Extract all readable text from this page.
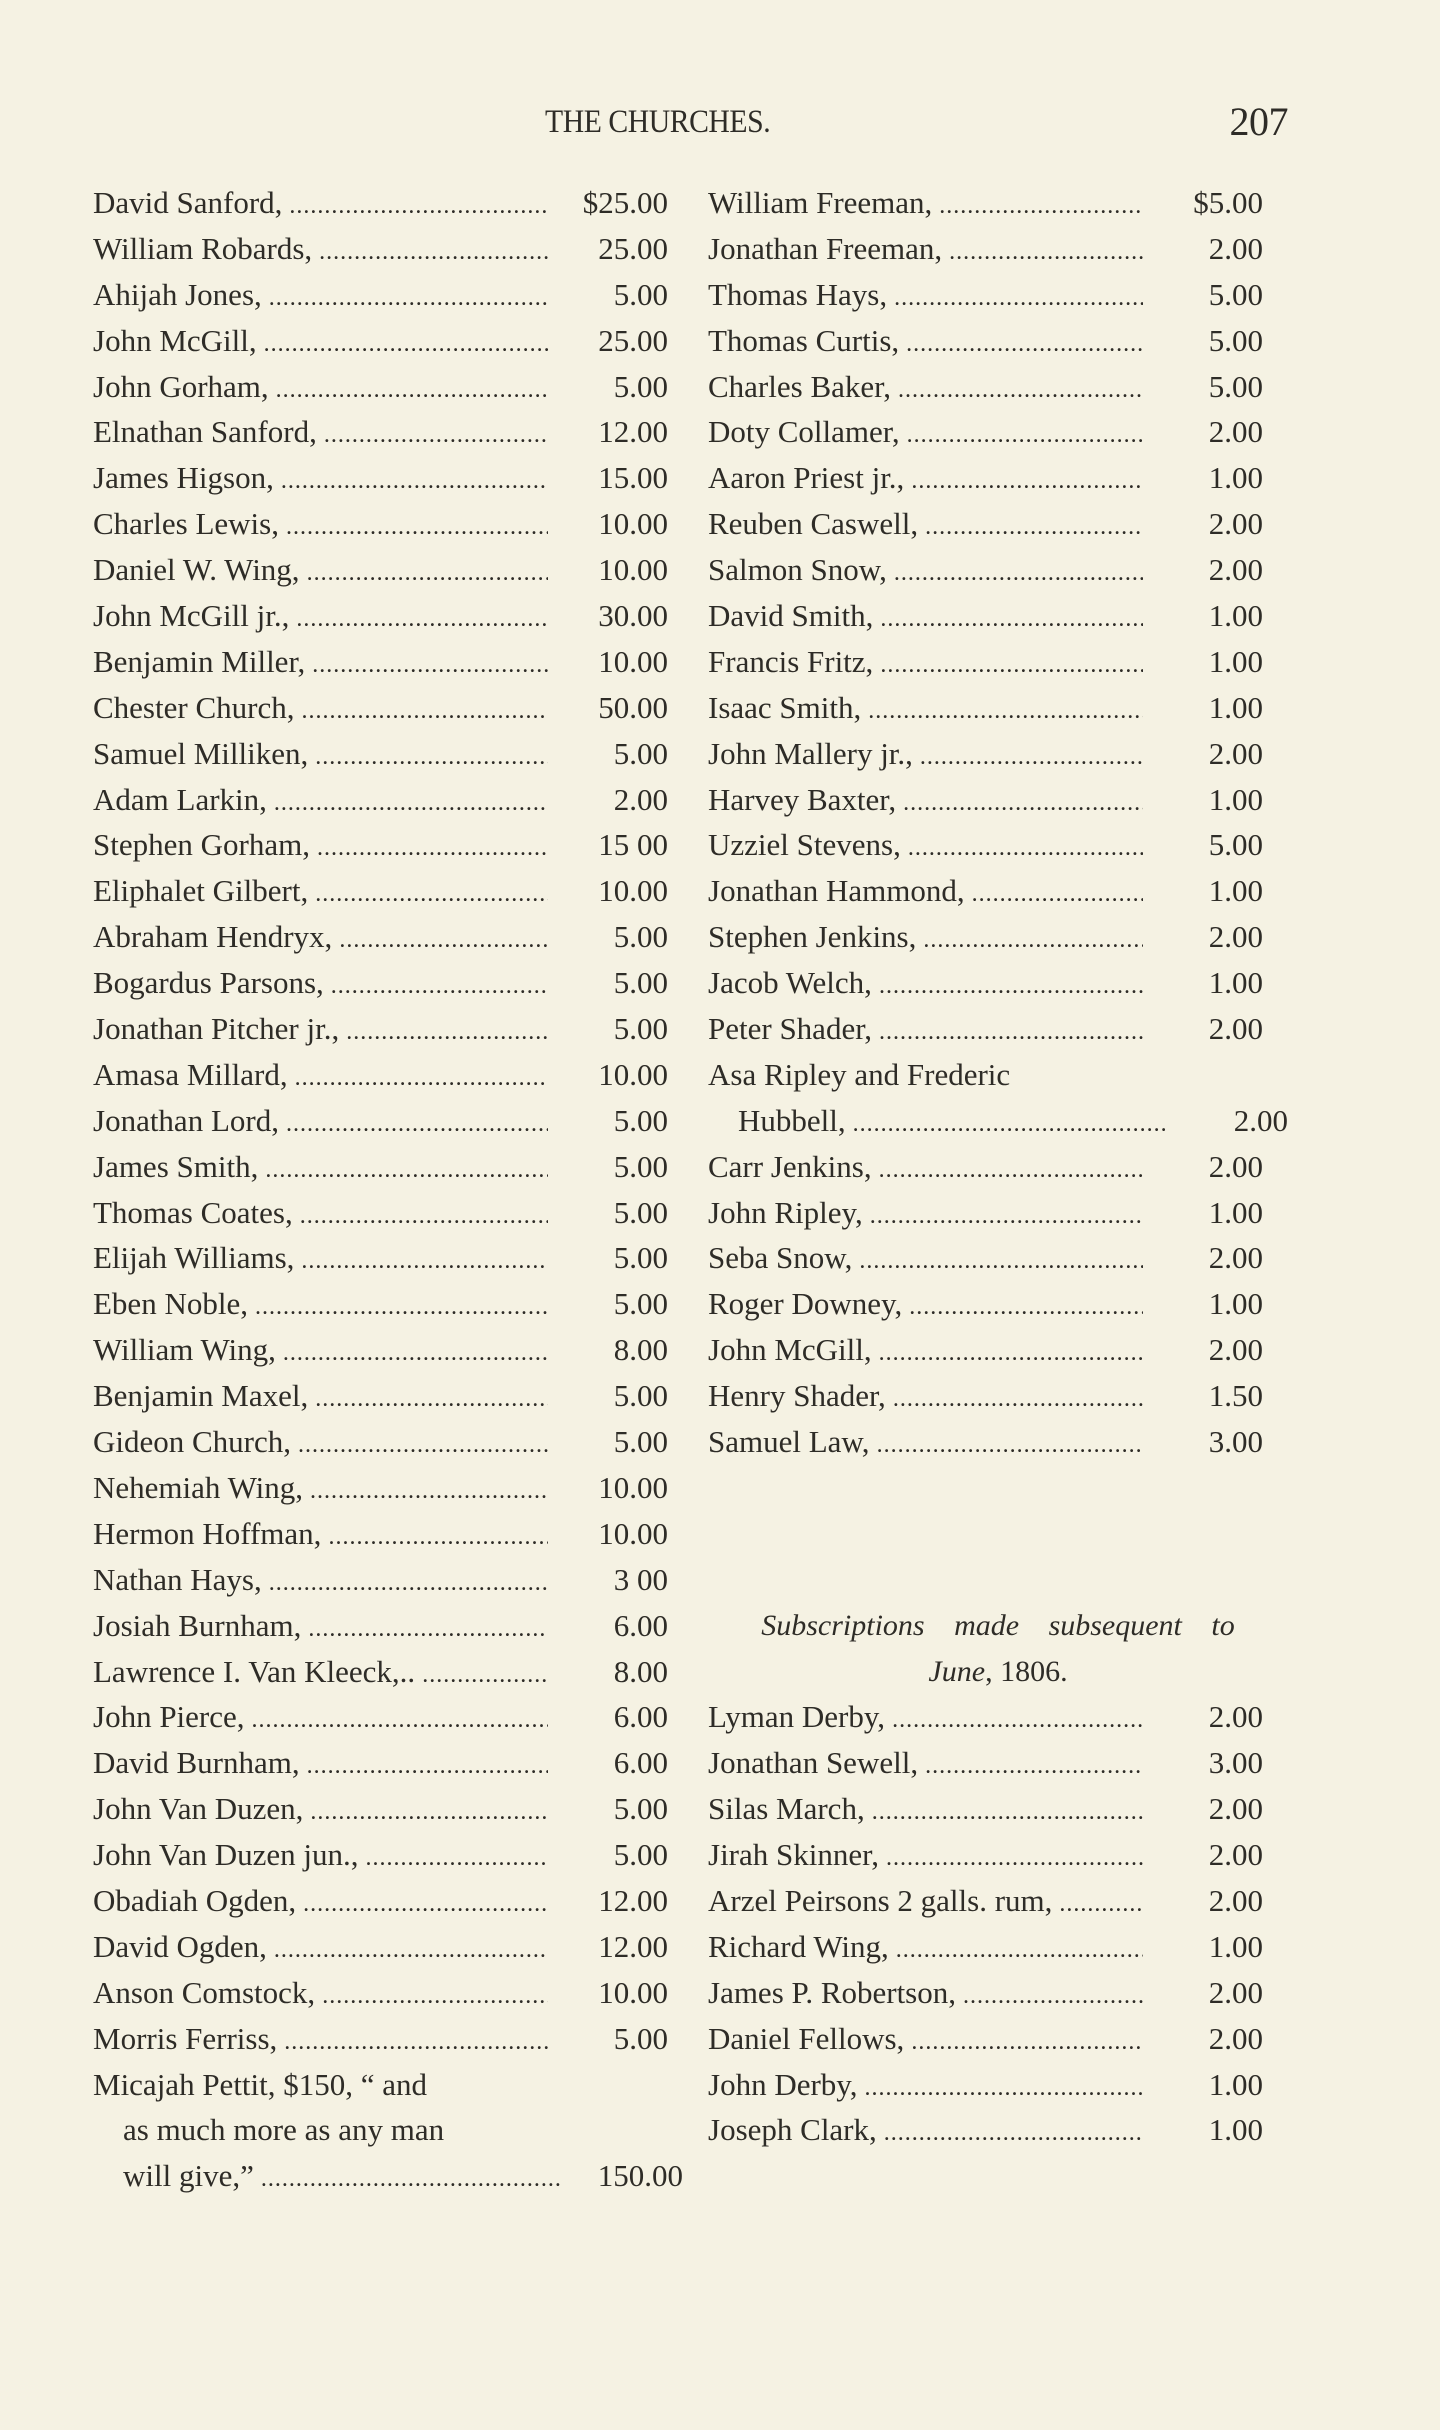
THE CHURCHES.	207
David Sanford, .....	$25.00
William Robards, .....	25.00
Ahijah Jones, .....	5.00
John McGill, .....	25.00
John Gorham, .....	5.00
Elnathan Sanford, .....	12.00
James Higson, .....	15.00
Charles Lewis, .....	10.00
Daniel W. Wing, .....	10.00
John McGill jr., .....	30.00
Benjamin Miller, .....	10.00
Chester Church, .....	50.00
Samuel Milliken, .....	5.00
Adam Larkin, .....	2.00
Stephen Gorham, .....	15 00
Eliphalet Gilbert, .....	10.00
Abraham Hendryx, .....	5.00
Bogardus Parsons, .....	5.00
Jonathan Pitcher jr., .....	5.00
Amasa Millard, .....	10.00
Jonathan Lord, .....	5.00
James Smith, .....	5.00
Thomas Coates, .....	5.00
Elijah Williams, .....	5.00
Eben Noble, .....	5.00
William Wing, .....	8.00
Benjamin Maxel, .....	5.00
Gideon Church, .....	5.00
Nehemiah Wing, .....	10.00
Hermon Hoffman, .....	10.00
Nathan Hays, .....	3 00
Josiah Burnham, .....	6.00
Lawrence I. Van Kleeck,.. .....	8.00
John Pierce, .....	6.00
David Burnham, .....	6.00
John Van Duzen, .....	5.00
John Van Duzen jun., .....	5.00
Obadiah Ogden, .....	12.00
David Ogden, .....	12.00
Anson Comstock, .....	10.00
Morris Ferriss, .....	5.00
Micajah Pettit, $150, “ and
as much more as any man
will give,” .....	150.00
William Freeman, .....	$5.00
Jonathan Freeman, .....	2.00
Thomas Hays, .....	5.00
Thomas Curtis, .....	5.00
Charles Baker, .....	5.00
Doty Collamer, .....	2.00
Aaron Priest jr., .....	1.00
Reuben Caswell, .....	2.00
Salmon Snow, .....	2.00
David Smith, .....	1.00
Francis Fritz, .....	1.00
Isaac Smith, .....	1.00
John Mallery jr., .....	2.00
Harvey Baxter, .....	1.00
Uzziel Stevens, .....	5.00
Jonathan Hammond, .....	1.00
Stephen Jenkins, .....	2.00
Jacob Welch, .....	1.00
Peter Shader, .....	2.00
Asa Ripley and Frederic
Hubbell, .....	2.00
Carr Jenkins, .....	2.00
John Ripley, .....	1.00
Seba Snow, .....	2.00
Roger Downey, .....	1.00
John McGill, .....	2.00
Henry Shader, .....	1.50
Samuel Law, .....	3.00
Subscriptions made subsequent to
June, 1806.
Lyman Derby, .....	2.00
Jonathan Sewell, .....	3.00
Silas March, .....	2.00
Jirah Skinner, .....	2.00
Arzel Peirsons 2 galls. rum, .....	2.00
Richard Wing, .....	1.00
James P. Robertson, .....	2.00
Daniel Fellows, .....	2.00
John Derby, .....	1.00
Joseph Clark, .....	1.00
